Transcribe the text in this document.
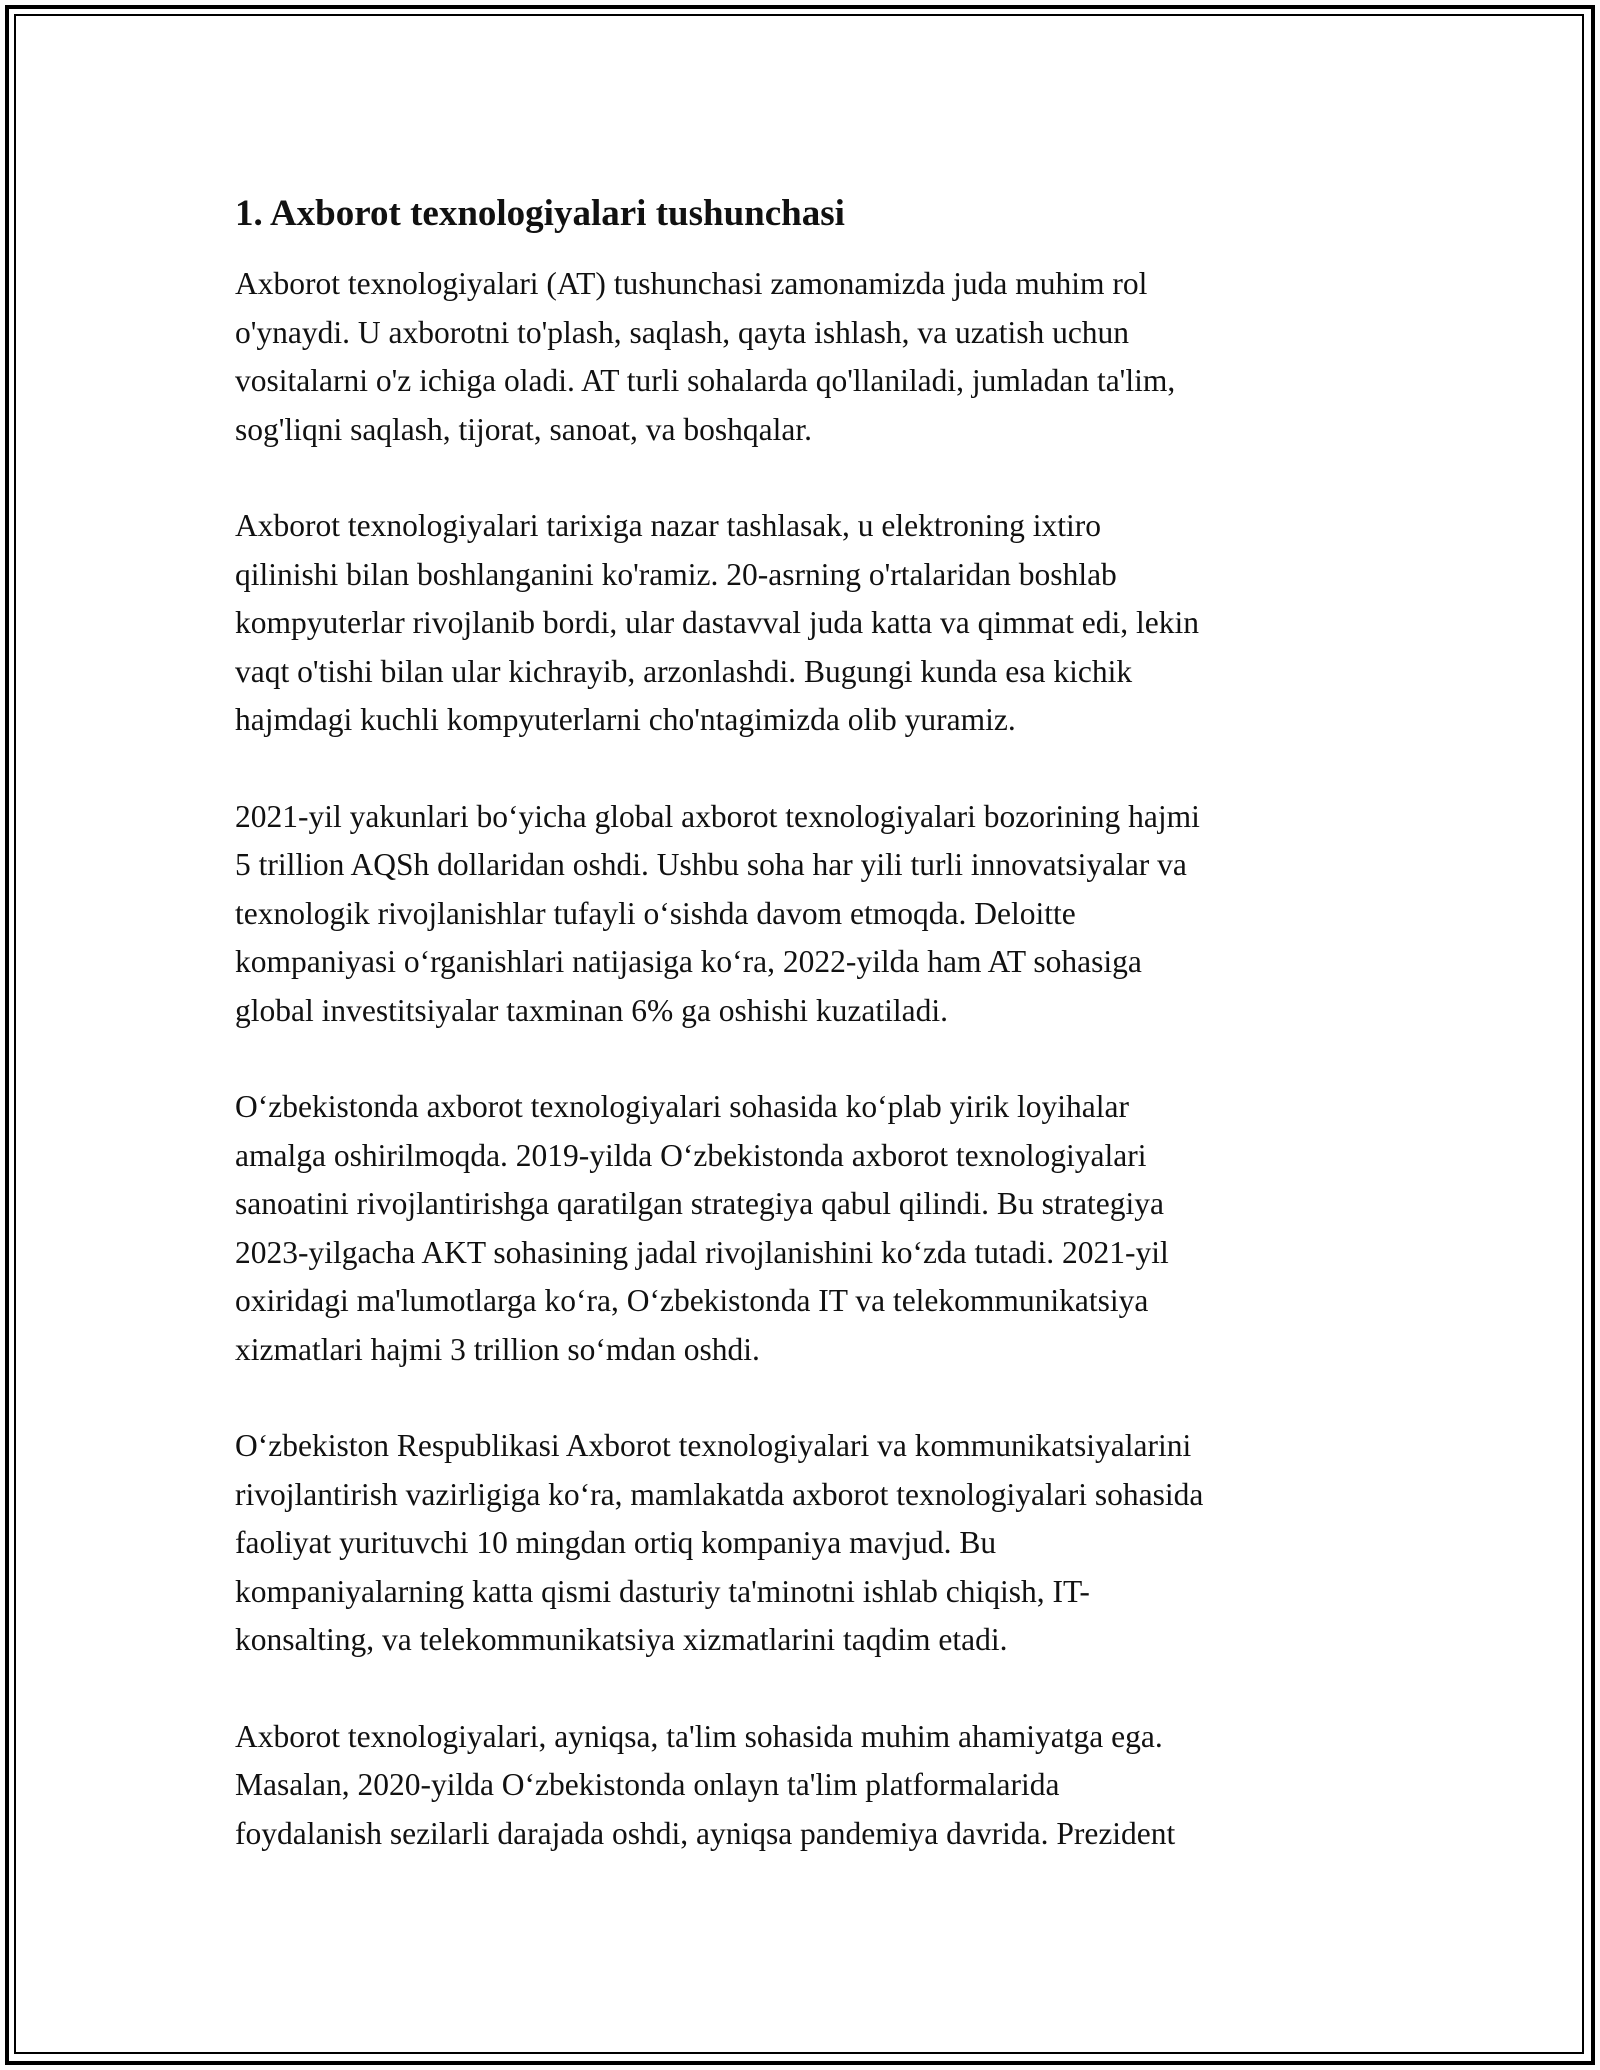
1. Axborot texnologiyalari tushunchasi
Axborot texnologiyalari (AT) tushunchasi zamonamizda juda muhim rol
o'ynaydi. U axborotni to'plash, saqlash, qayta ishlash, va uzatish uchun
vositalarni o'z ichiga oladi. AT turli sohalarda qo'llaniladi, jumladan ta'lim,
sog'liqni saqlash, tijorat, sanoat, va boshqalar.
Axborot texnologiyalari tarixiga nazar tashlasak, u elektroning ixtiro
qilinishi bilan boshlanganini ko'ramiz. 20-asrning o'rtalaridan boshlab
kompyuterlar rivojlanib bordi, ular dastavval juda katta va qimmat edi, lekin
vaqt o'tishi bilan ular kichrayib, arzonlashdi. Bugungi kunda esa kichik
hajmdagi kuchli kompyuterlarni cho'ntagimizda olib yuramiz.
2021-yil yakunlari boʻyicha global axborot texnologiyalari bozorining hajmi
5 trillion AQSh dollaridan oshdi. Ushbu soha har yili turli innovatsiyalar va
texnologik rivojlanishlar tufayli oʻsishda davom etmoqda. Deloitte
kompaniyasi oʻrganishlari natijasiga koʻra, 2022-yilda ham AT sohasiga
global investitsiyalar taxminan 6% ga oshishi kuzatiladi.
Oʻzbekistonda axborot texnologiyalari sohasida koʻplab yirik loyihalar
amalga oshirilmoqda. 2019-yilda Oʻzbekistonda axborot texnologiyalari
sanoatini rivojlantirishga qaratilgan strategiya qabul qilindi. Bu strategiya
2023-yilgacha AKT sohasining jadal rivojlanishini koʻzda tutadi. 2021-yil
oxiridagi ma'lumotlarga koʻra, Oʻzbekistonda IT va telekommunikatsiya
xizmatlari hajmi 3 trillion soʻmdan oshdi.
Oʻzbekiston Respublikasi Axborot texnologiyalari va kommunikatsiyalarini
rivojlantirish vazirligiga koʻra, mamlakatda axborot texnologiyalari sohasida
faoliyat yurituvchi 10 mingdan ortiq kompaniya mavjud. Bu
kompaniyalarning katta qismi dasturiy ta'minotni ishlab chiqish, IT-
konsalting, va telekommunikatsiya xizmatlarini taqdim etadi.
Axborot texnologiyalari, ayniqsa, ta'lim sohasida muhim ahamiyatga ega.
Masalan, 2020-yilda Oʻzbekistonda onlayn ta'lim platformalarida
foydalanish sezilarli darajada oshdi, ayniqsa pandemiya davrida. Prezident
